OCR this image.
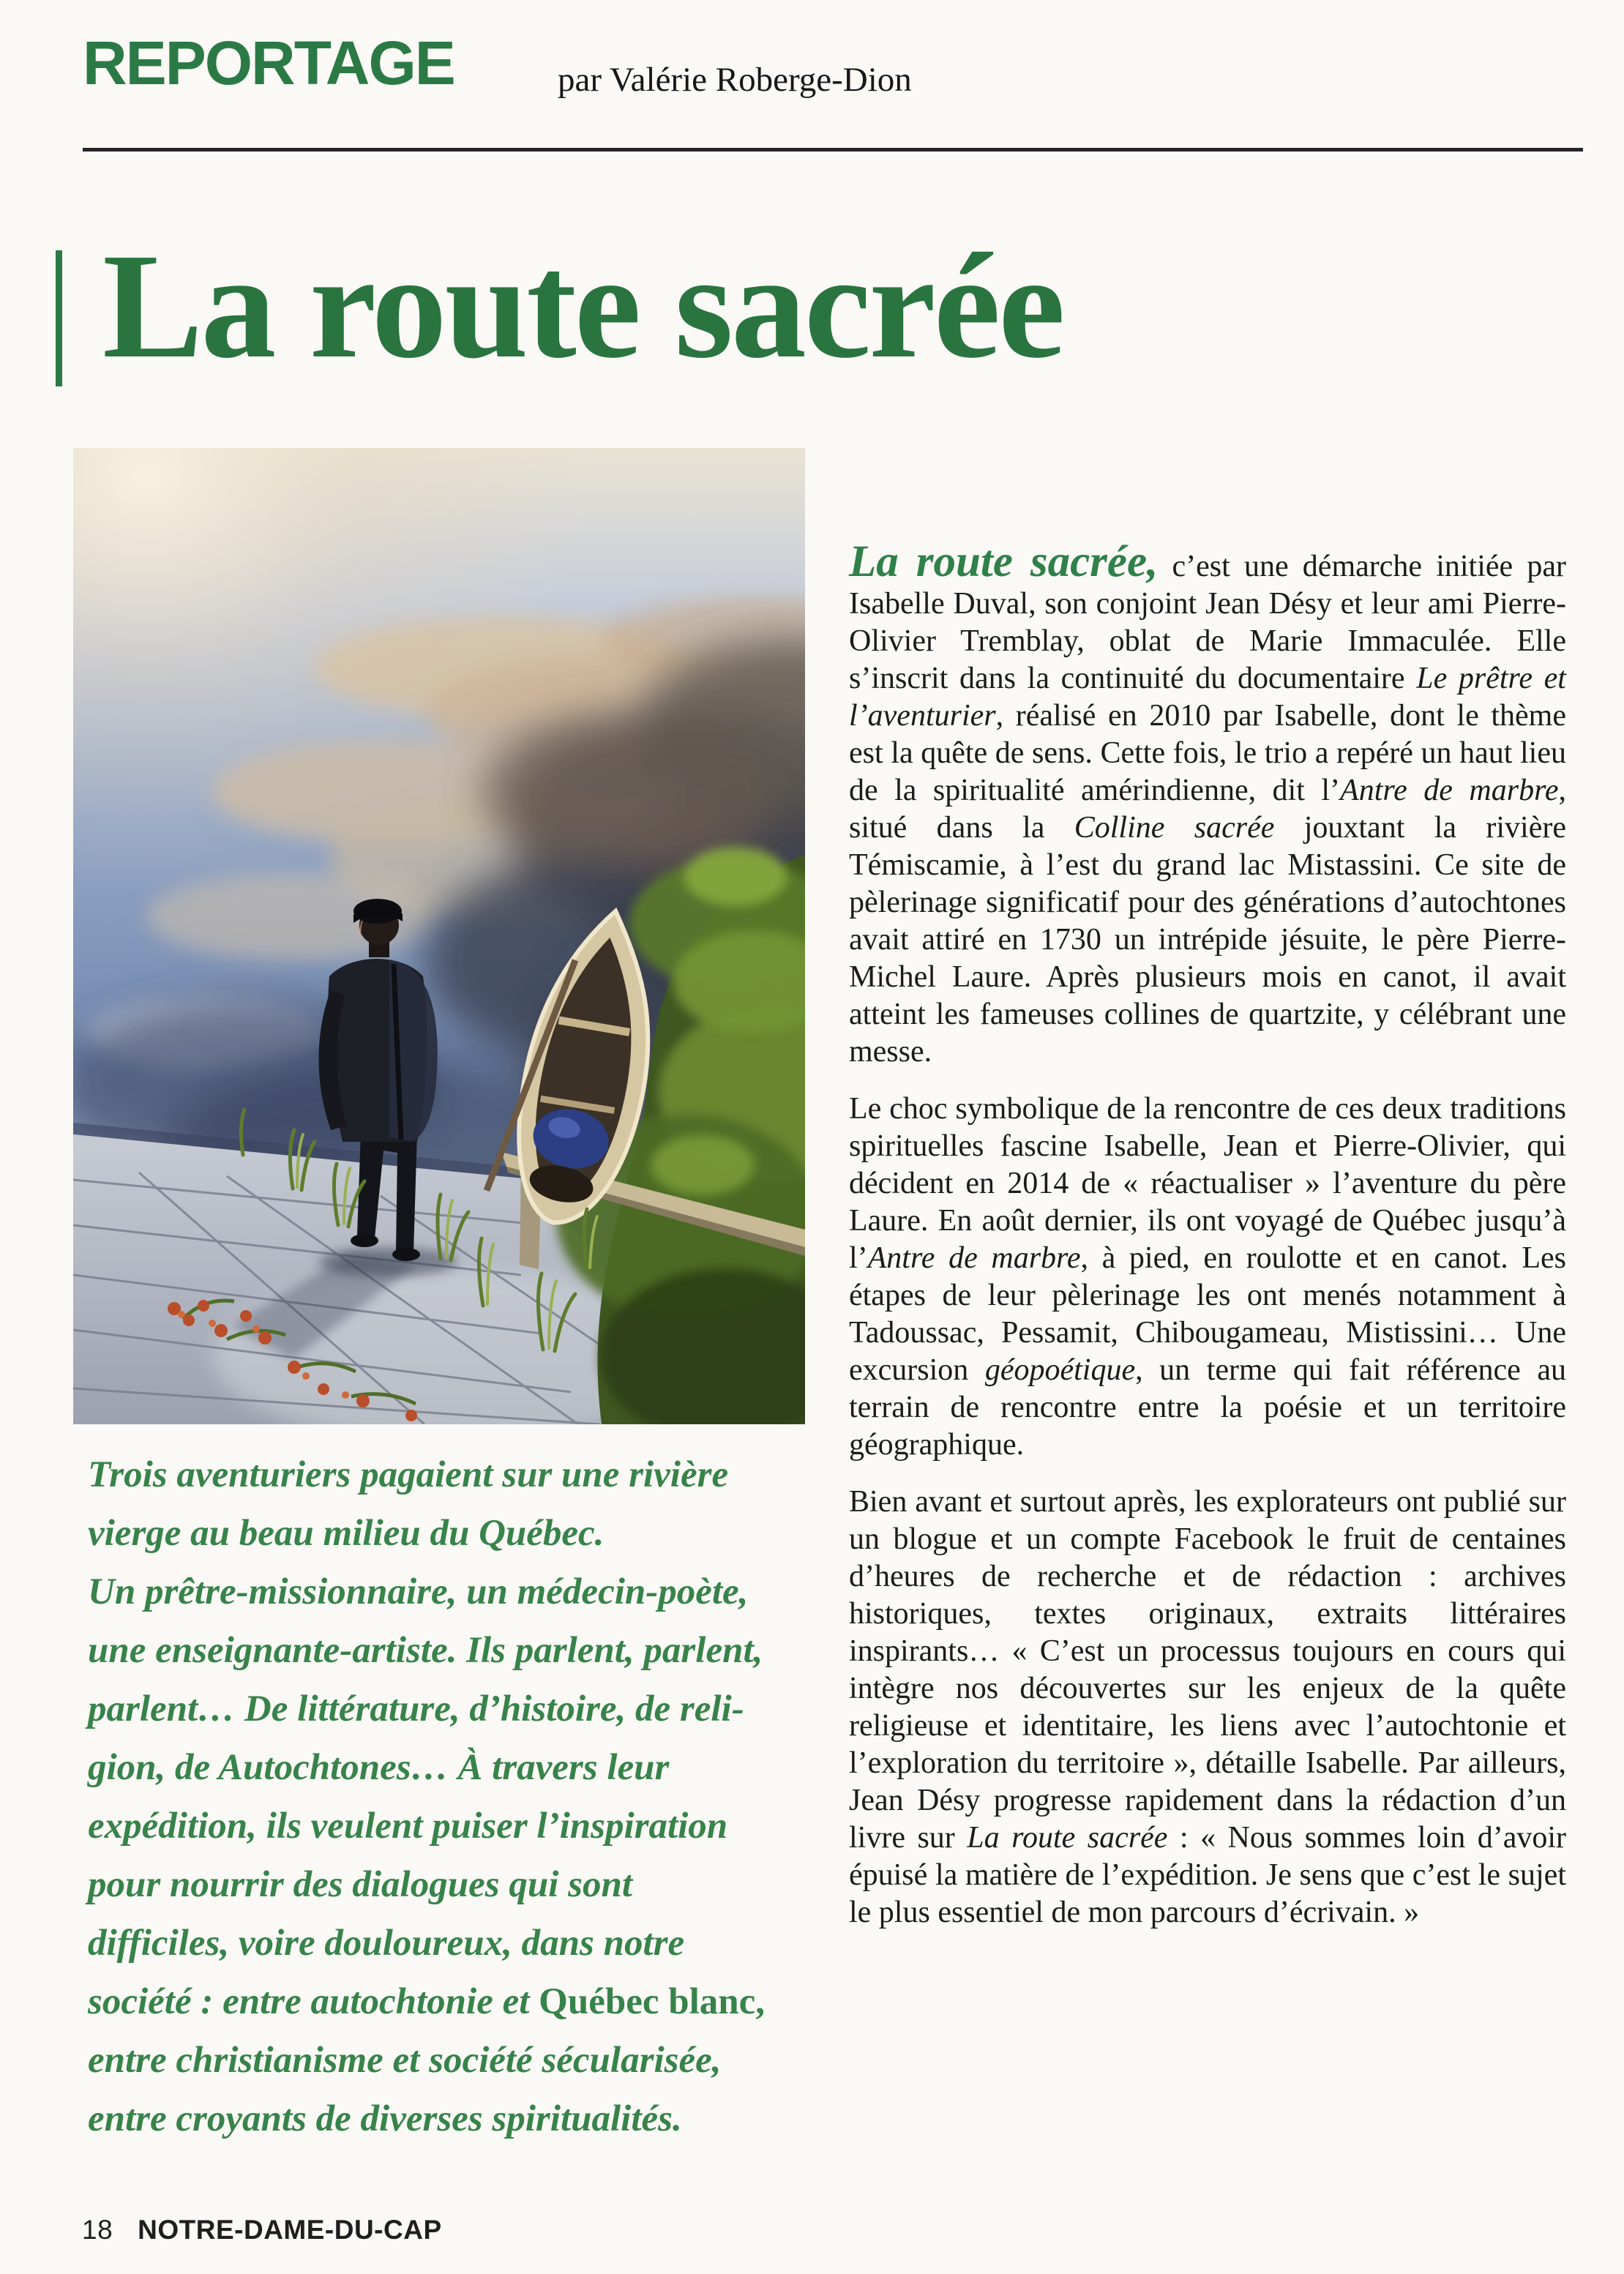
REPORTAGE	par Valérie Roberge-Dion
La route sacrée
Trois aventuriers pagaient sur une rivière
vierge au beau milieu du Québec.
Un prêtre-missionnaire, un médecin-poète,
une enseignante-artiste. Ils parlent, parlent,
parlent… De littérature, d’histoire, de reli-
gion, de Autochtones… À travers leur
expédition, ils veulent puiser l’inspiration
pour nourrir des dialogues qui sont
difficiles, voire douloureux, dans notre
société : entre autochtonie et Québec blanc,
entre christianisme et société sécularisée,
entre croyants de diverses spiritualités.

La route sacrée, c’est une démarche initiée par Isabelle Duval, son conjoint Jean Désy et leur ami Pierre-Olivier Tremblay, oblat de Marie Immaculée. Elle s’inscrit dans la continuité du documentaire Le prêtre et l’aventurier, réalisé en 2010 par Isabelle, dont le thème est la quête de sens. Cette fois, le trio a repéré un haut lieu de la spiritualité amérindienne, dit l’Antre de marbre, situé dans la Colline sacrée jouxtant la rivière Témiscamie, à l’est du grand lac Mistassini. Ce site de pèlerinage significatif pour des générations d’autochtones avait attiré en 1730 un intrépide jésuite, le père Pierre-Michel Laure. Après plusieurs mois en canot, il avait atteint les fameuses collines de quartzite, y célébrant une messe.

Le choc symbolique de la rencontre de ces deux traditions spirituelles fascine Isabelle, Jean et Pierre-Olivier, qui décident en 2014 de « réactualiser » l’aventure du père Laure. En août dernier, ils ont voyagé de Québec jusqu’à l’Antre de marbre, à pied, en roulotte et en canot. Les étapes de leur pèlerinage les ont menés notamment à Tadoussac, Pessamit, Chibougameau, Mistissini… Une excursion géopoétique, un terme qui fait référence au terrain de rencontre entre la poésie et un territoire géographique.

Bien avant et surtout après, les explorateurs ont publié sur un blogue et un compte Facebook le fruit de centaines d’heures de recherche et de rédaction : archives historiques, textes originaux, extraits littéraires inspirants… « C’est un processus toujours en cours qui intègre nos découvertes sur les enjeux de la quête religieuse et identitaire, les liens avec l’autochtonie et l’exploration du territoire », détaille Isabelle. Par ailleurs, Jean Désy progresse rapidement dans la rédaction d’un livre sur La route sacrée : « Nous sommes loin d’avoir épuisé la matière de l’expédition. Je sens que c’est le sujet le plus essentiel de mon parcours d’écrivain. »

18 NOTRE-DAME-DU-CAP
